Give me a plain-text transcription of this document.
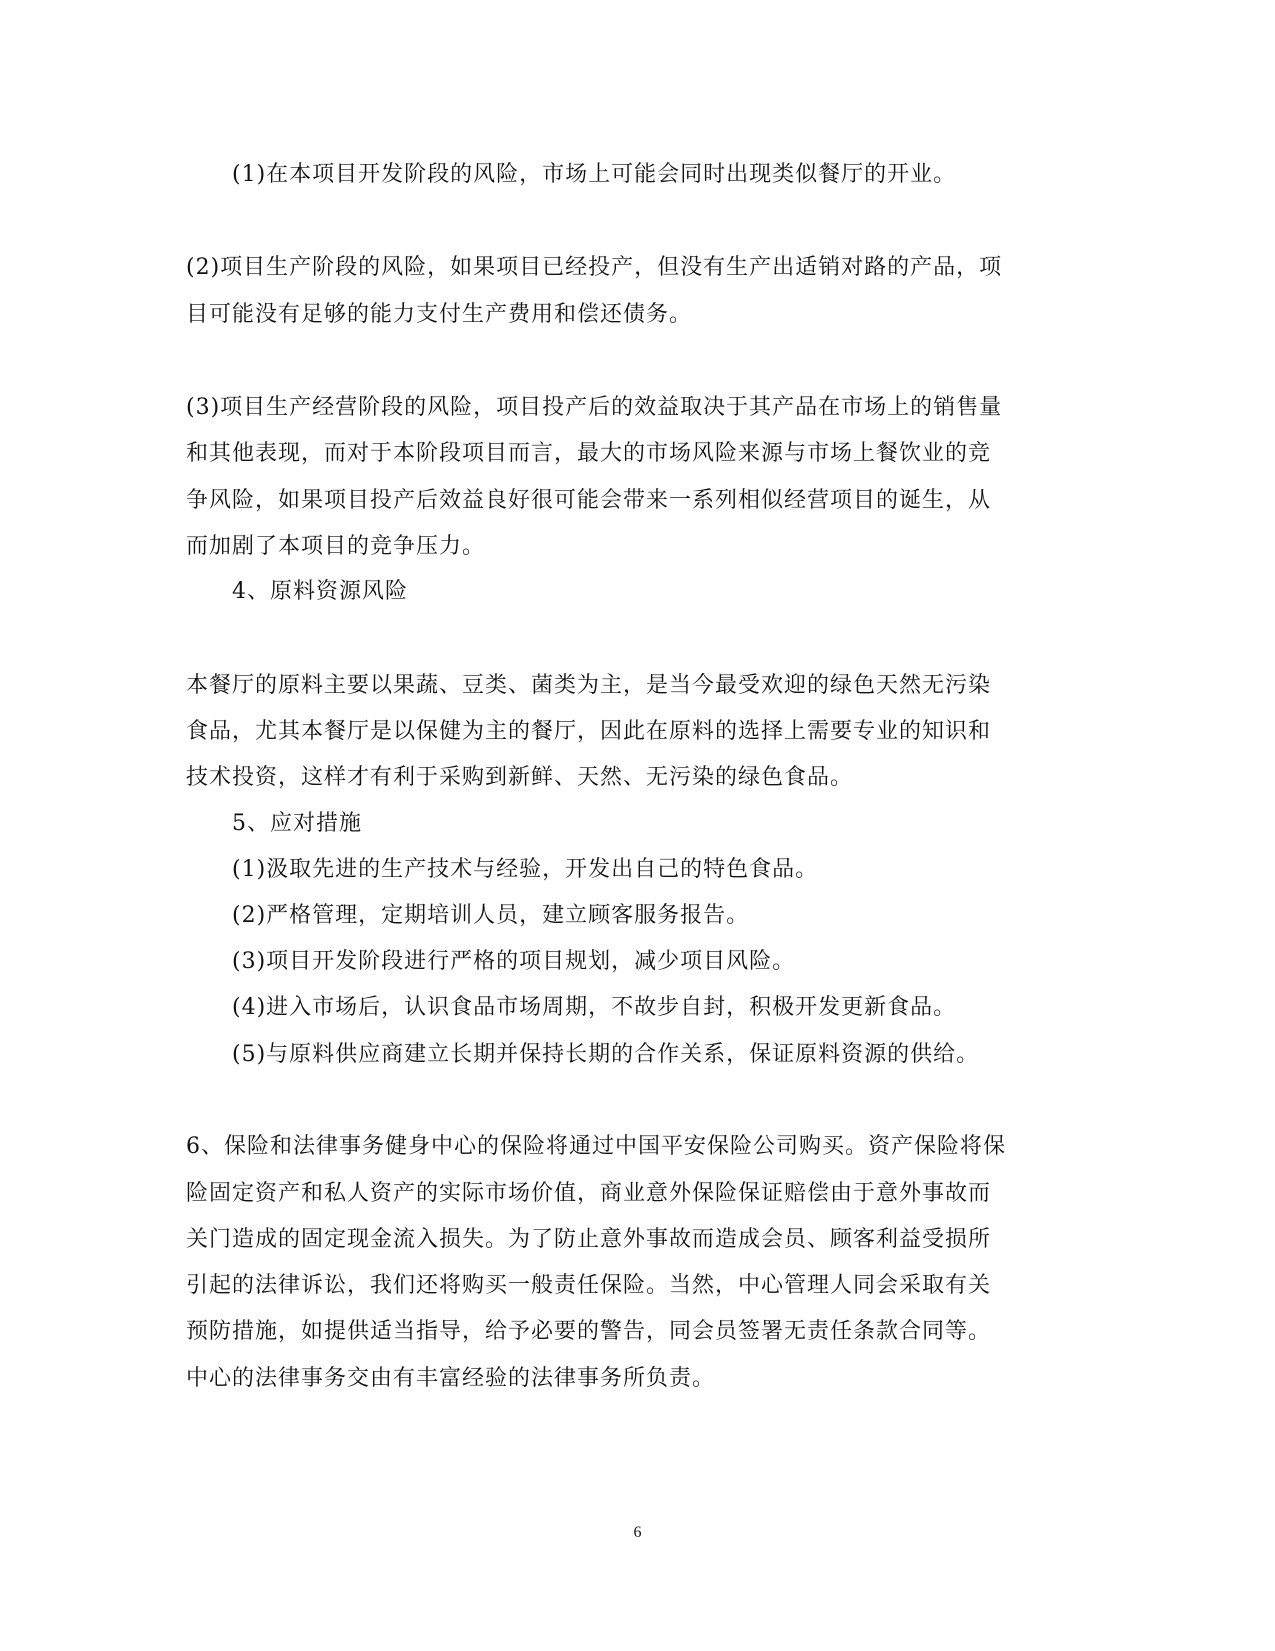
(1)在本项目开发阶段的风险，市场上可能会同时出现类似餐厅的开业。
(2)项目生产阶段的风险，如果项目已经投产，但没有生产出适销对路的产品，项
目可能没有足够的能力支付生产费用和偿还债务。
(3)项目生产经营阶段的风险，项目投产后的效益取决于其产品在市场上的销售量
和其他表现，而对于本阶段项目而言，最大的市场风险来源与市场上餐饮业的竞
争风险，如果项目投产后效益良好很可能会带来一系列相似经营项目的诞生，从
而加剧了本项目的竞争压力。
4、原料资源风险
本餐厅的原料主要以果蔬、豆类、菌类为主，是当今最受欢迎的绿色天然无污染
食品，尤其本餐厅是以保健为主的餐厅，因此在原料的选择上需要专业的知识和
技术投资，这样才有利于采购到新鲜、天然、无污染的绿色食品。
5、应对措施
(1)汲取先进的生产技术与经验，开发出自己的特色食品。
(2)严格管理，定期培训人员，建立顾客服务报告。
(3)项目开发阶段进行严格的项目规划，减少项目风险。
(4)进入市场后，认识食品市场周期，不故步自封，积极开发更新食品。
(5)与原料供应商建立长期并保持长期的合作关系，保证原料资源的供给。
6、保险和法律事务健身中心的保险将通过中国平安保险公司购买。资产保险将保
险固定资产和私人资产的实际市场价值，商业意外保险保证赔偿由于意外事故而
关门造成的固定现金流入损失。为了防止意外事故而造成会员、顾客利益受损所
引起的法律诉讼，我们还将购买一般责任保险。当然，中心管理人同会采取有关
预防措施，如提供适当指导，给予必要的警告，同会员签署无责任条款合同等。
中心的法律事务交由有丰富经验的法律事务所负责。
6
